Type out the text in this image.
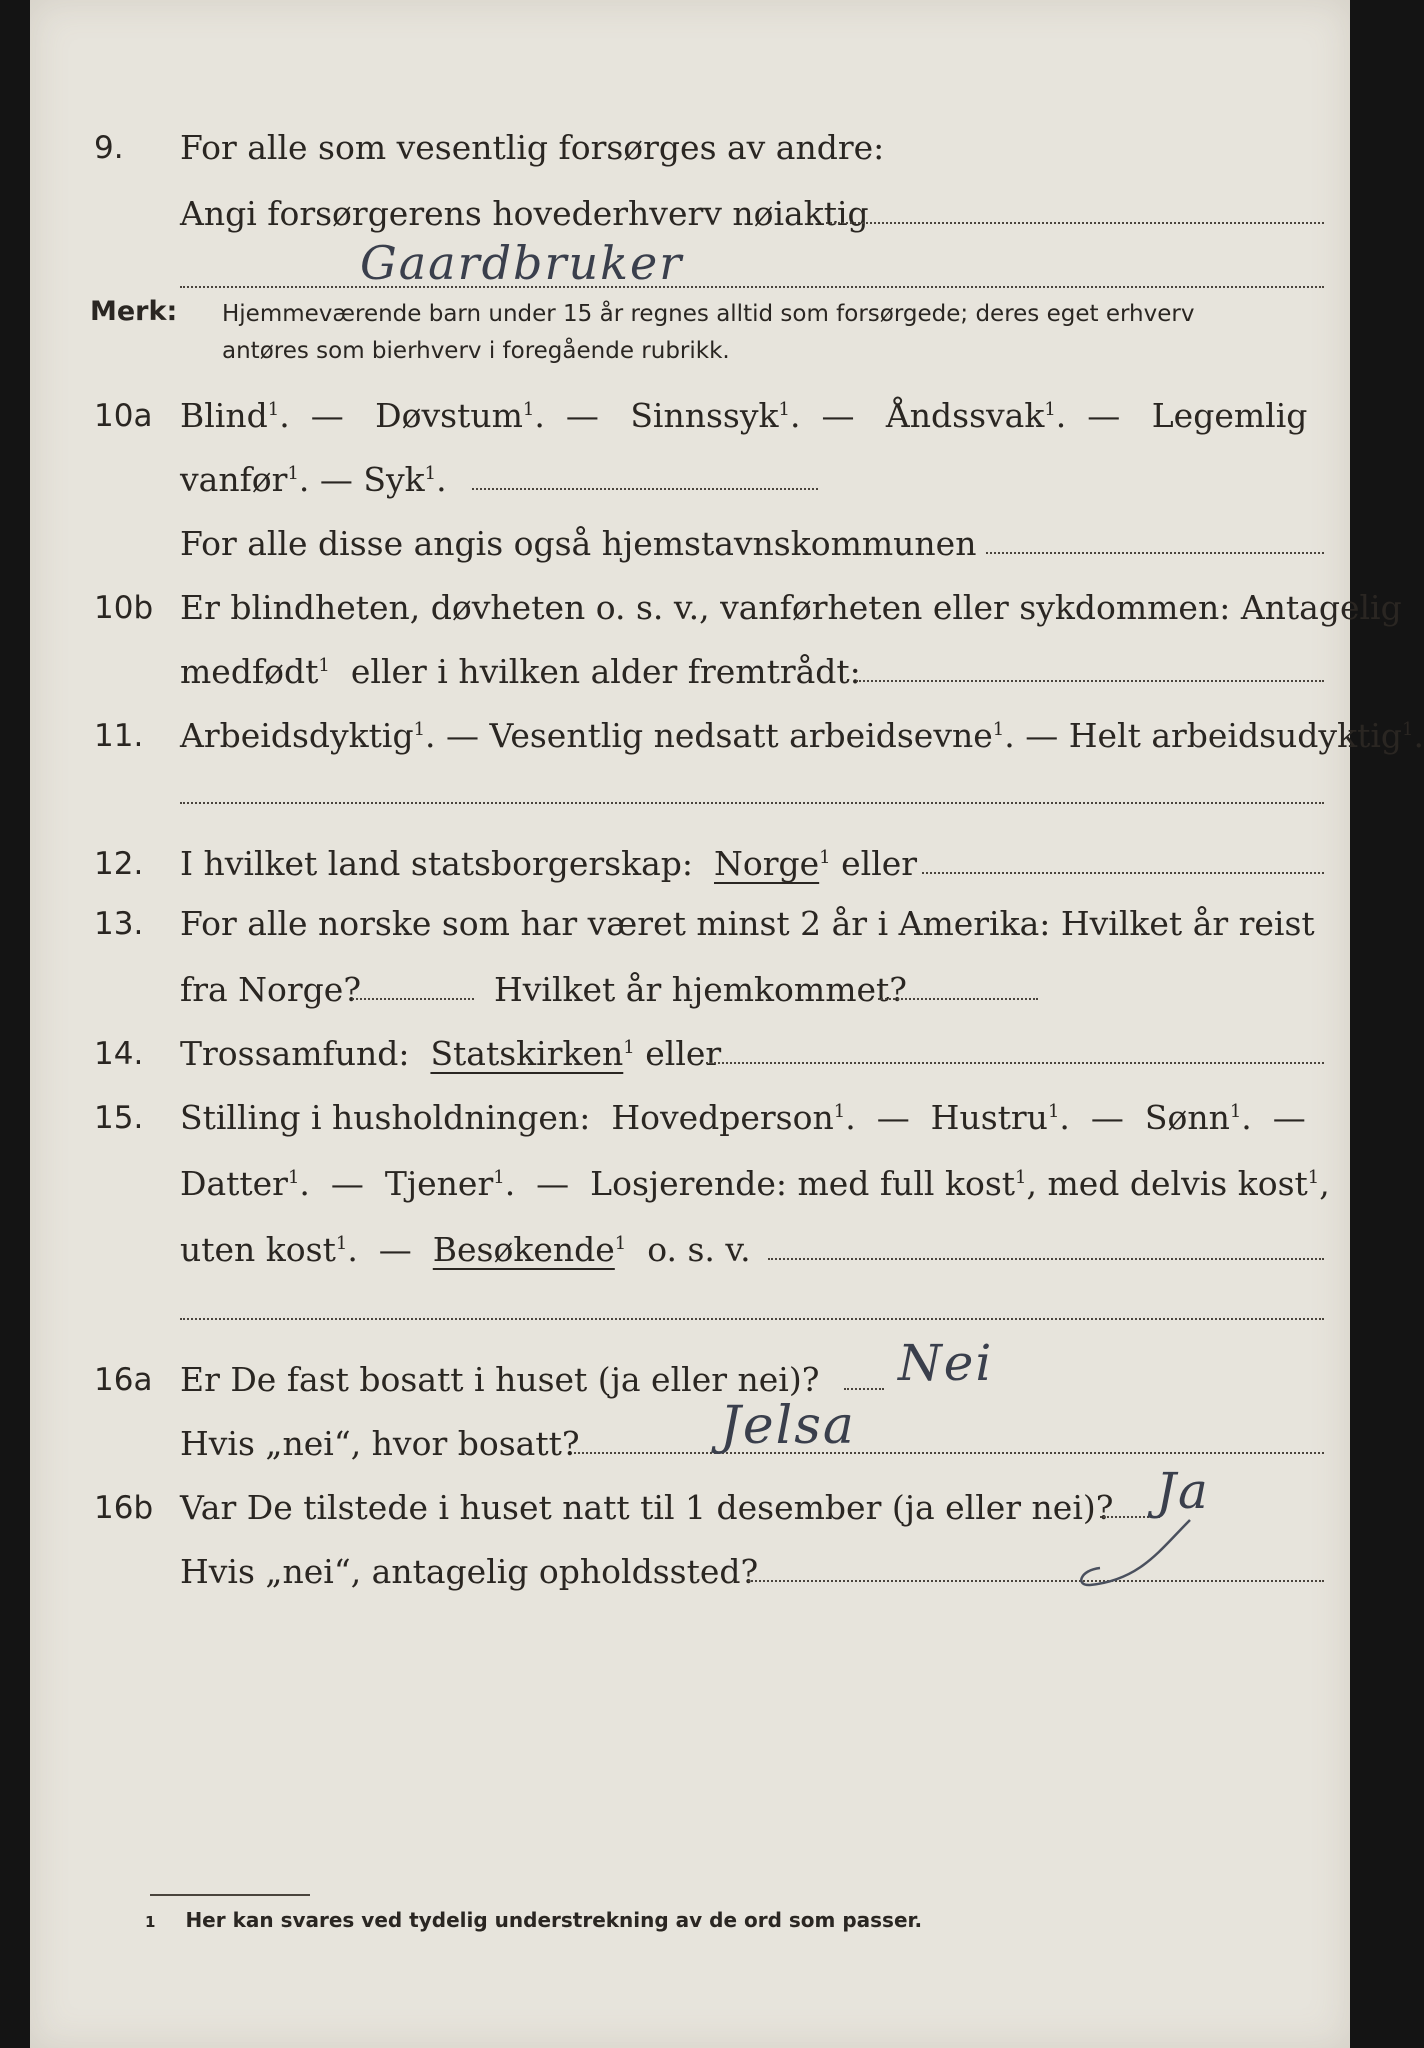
9. For alle som vesentlig forsørges av andre:
Angi forsørgerens hovederhverv nøiaktig
Gaardbruker
Merk: Hjemmeværende barn under 15 år regnes alltid som forsørgede; deres eget erhverv
antøres som bierhverv i foregående rubrikk.
10a Blind$^1$. — Døvstum$^1$. — Sinnssyk$^1$. — Åndssvak$^1$. — Legemlig
vanfør$^1$. — Syk$^1$.
For alle disse angis også hjemstavnskommunen
10b Er blindheten, døvheten o. s. v., vanførheten eller sykdommen: Antagelig
medfødt$^1$ eller i hvilken alder fremtrådt:
11. Arbeidsdyktig$^1$. — Vesentlig nedsatt arbeidsevne$^1$. — Helt arbeidsudyktig$^1$.
12. I hvilket land statsborgerskap: Norge$^1$ eller
13. For alle norske som har været minst 2 år i Amerika: Hvilket år reist
fra Norge?	Hvilket år hjemkommet?
14. Trossamfund: Statskirken$^1$ eller
15. Stilling i husholdningen: Hovedperson$^1$. — Hustru$^1$. — Sønn$^1$. —
Datter$^1$. — Tjener$^1$. — Losjerende: med full kost$^1$, med delvis kost$^1$,
uten kost$^1$. — Besøkende$^1$ o. s. v.
16a Er De fast bosatt i huset (ja eller nei)? Nei
Hvis „nei“, hvor bosatt?	Jelsa
16b Var De tilstede i huset natt til 1 desember (ja eller nei)? Ja
Hvis „nei“, antagelig opholdssted?
1 Her kan svares ved tydelig understrekning av de ord som passer.
